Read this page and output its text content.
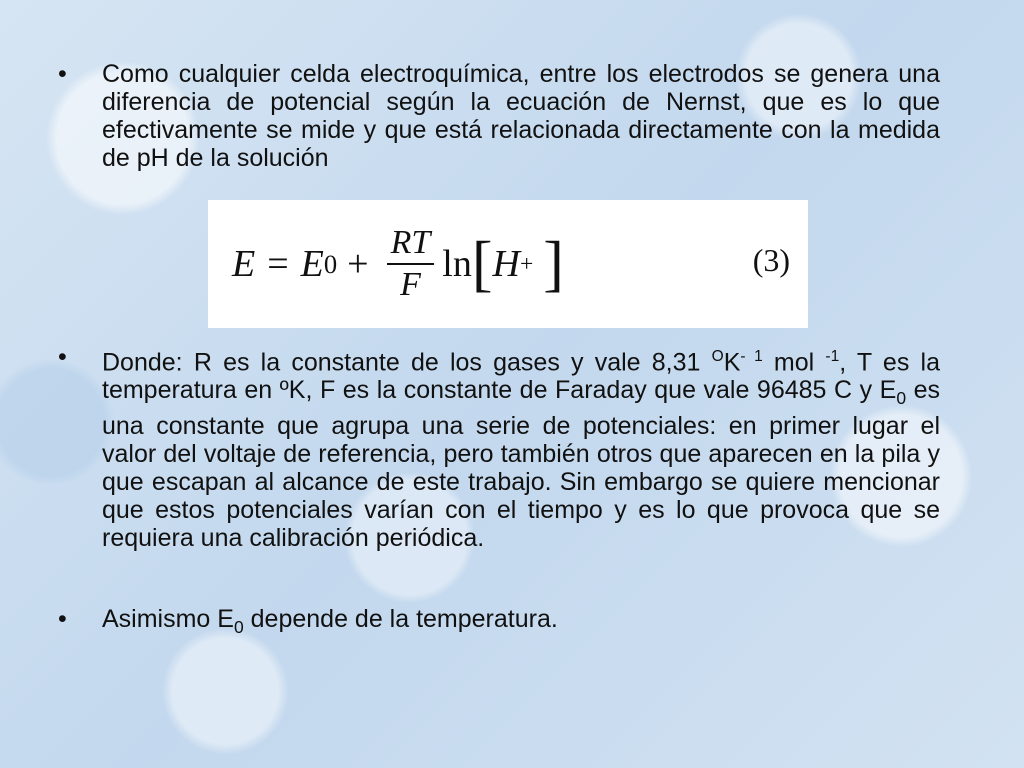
•	Como cualquier celda electroquímica, entre los electrodos se genera una diferencia de potencial según la ecuación de Nernst, que es lo que efectivamente se mide y que está relacionada directamente con la medida de pH de la solución
E = E $0 + \frac{RT}{F}$ ln [ H + ]	(3)
•	Donde: R es la constante de los gases y vale 8,31 $^OK^{- 1}$ mol $^{-1}$, T es la temperatura en ºK, F es la constante de Faraday que vale 96485 C y $E_0$ es una constante que agrupa una serie de potenciales: en primer lugar el valor del voltaje de referencia, pero también otros que aparecen en la pila y que escapan al alcance de este trabajo. Sin embargo se quiere mencionar que estos potenciales varían con el tiempo y es lo que provoca que se requiera una calibración periódica.
•	Asimismo $E_0$ depende de la temperatura.
